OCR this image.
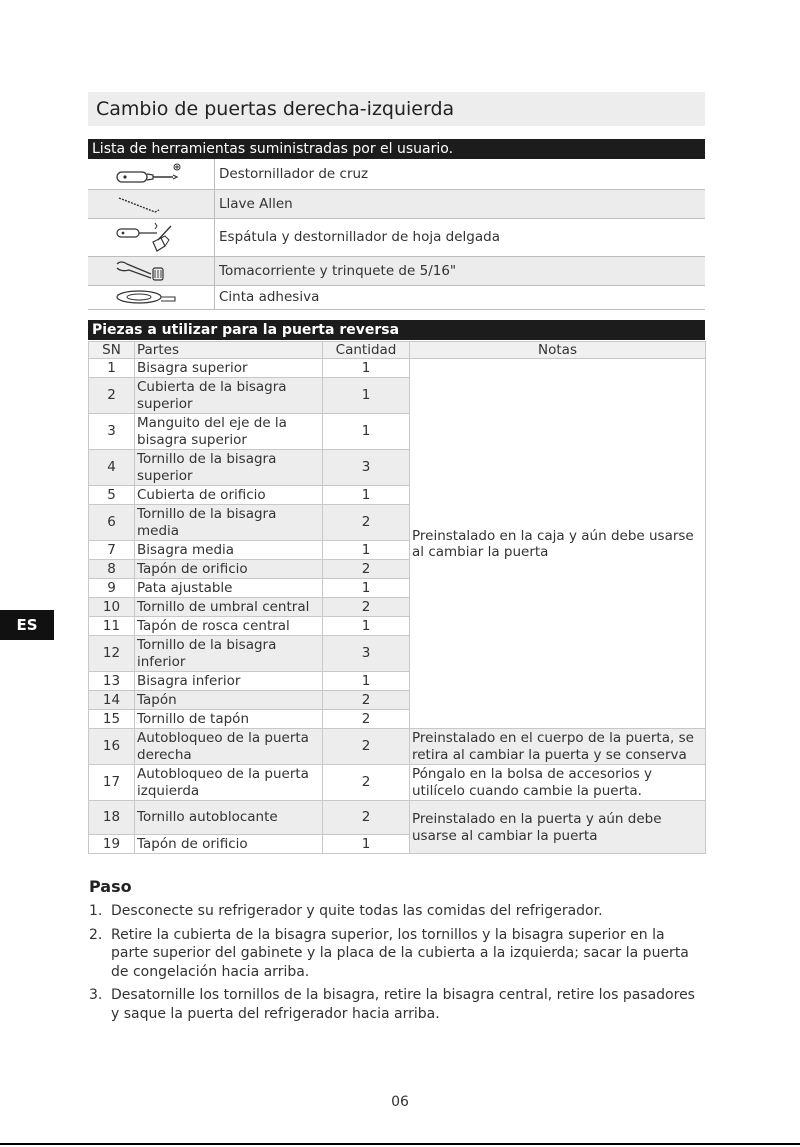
Cambio de puertas derecha-izquierda
Lista de herramientas suministradas por el usuario.
	Destornillador de cruz

	Llave Allen

	Espátula y destornillador de hoja delgada

	Tomacorriente y trinquete de 5/16"

	Cinta adhesiva
Piezas a utilizar para la puerta reversa
SN	Partes	Cantidad	Notas
1	Bisagra superior	1	Preinstalado en la caja y aún debe usarse al cambiar la puerta
2	Cubierta de la bisagra superior	1	
3	Manguito del eje de la bisagra superior	1	
4	Tornillo de la bisagra superior	3	
5	Cubierta de orificio	1	
6	Tornillo de la bisagra media	2	
7	Bisagra media	1	
8	Tapón de orificio	2	
9	Pata ajustable	1	
10	Tornillo de umbral central	2	
11	Tapón de rosca central	1	
12	Tornillo de la bisagra inferior	3	
13	Bisagra inferior	1	
14	Tapón	2	
15	Tornillo de tapón	2	
16	Autobloqueo de la puerta derecha	2	Preinstalado en el cuerpo de la puerta, se retira al cambiar la puerta y se conserva
17	Autobloqueo de la puerta izquierda	2	Póngalo en la bolsa de accesorios y utilícelo cuando cambie la puerta.
18	Tornillo autoblocante	2	Preinstalado en la puerta y aún debe usarse al cambiar la puerta
19	Tapón de orificio	1	
Paso
1. Desconecte su refrigerador y quite todas las comidas del refrigerador.
2. Retire la cubierta de la bisagra superior, los tornillos y la bisagra superior en la parte superior del gabinete y la placa de la cubierta a la izquierda; sacar la puerta de congelación hacia arriba.
3. Desatornille los tornillos de la bisagra, retire la bisagra central, retire los pasadores y saque la puerta del refrigerador hacia arriba.
ES
06
